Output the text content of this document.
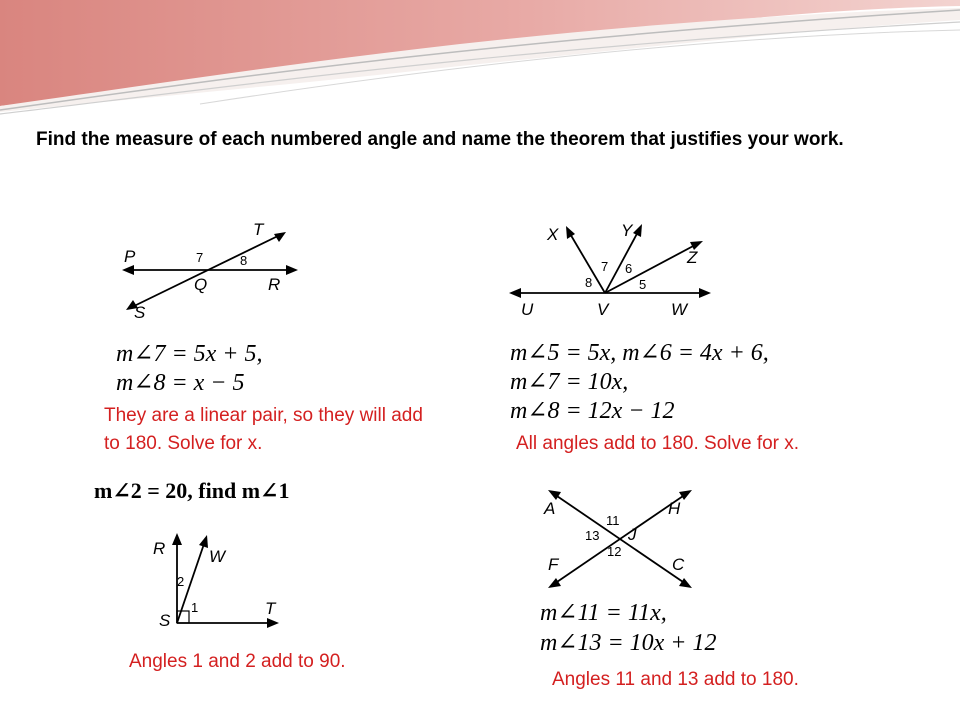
Find the measure of each numbered angle and name the theorem that justifies your work.
T
P
Q	R
S
7	8
m∠7 = 5x + 5,
m∠8 = x − 5
They are a linear pair, so they will add to 180. Solve for x.
X	Y
Z
U	V	W
5
6
7
8
m∠5 = 5x, m∠6 = 4x + 6,
m∠7 = 10x,
m∠8 = 12x − 12
All angles add to 180. Solve for x.
m∠2 = 20, find m∠1
R	W
S
T
2
1
Angles 1 and 2 add to 90.
A	H
F	C
J
11
13
12
m∠11 = 11x,
m∠13 = 10x + 12
Angles 11 and 13 add to 180.
